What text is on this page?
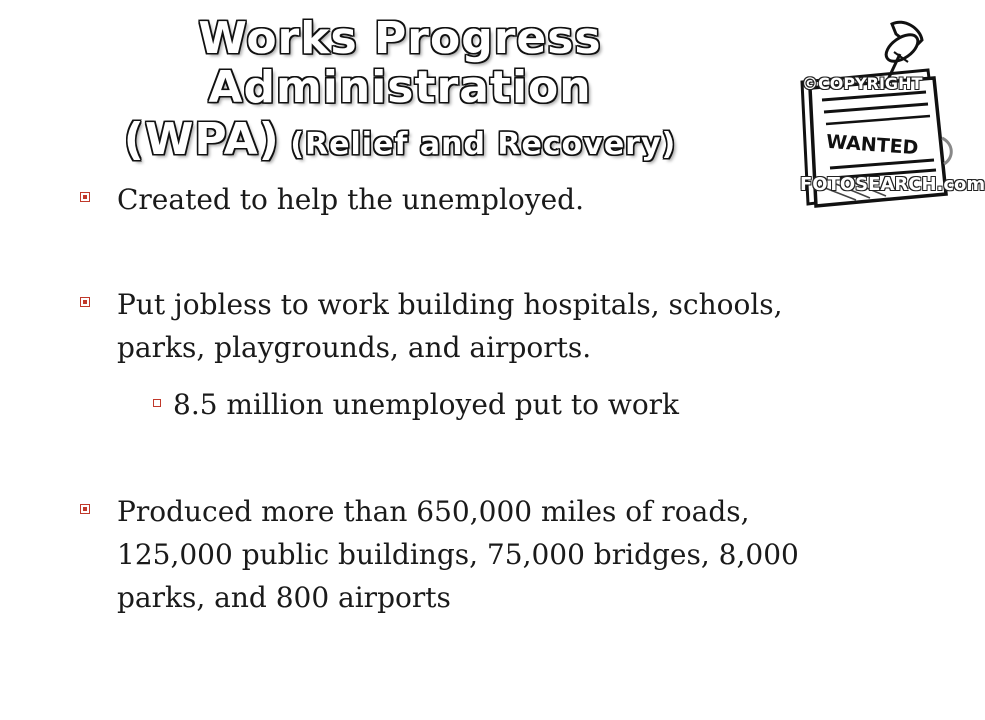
Works Progress Administration
(WPA) (Relief and Recovery)
©COPYRIGHT
WANTED
FOTOSEARCH.com
Created to help the unemployed.
Put jobless to work building hospitals, schools, parks, playgrounds, and airports.
8.5 million unemployed put to work
Produced more than 650,000 miles of roads, 125,000 public buildings, 75,000 bridges, 8,000 parks, and 800 airports
